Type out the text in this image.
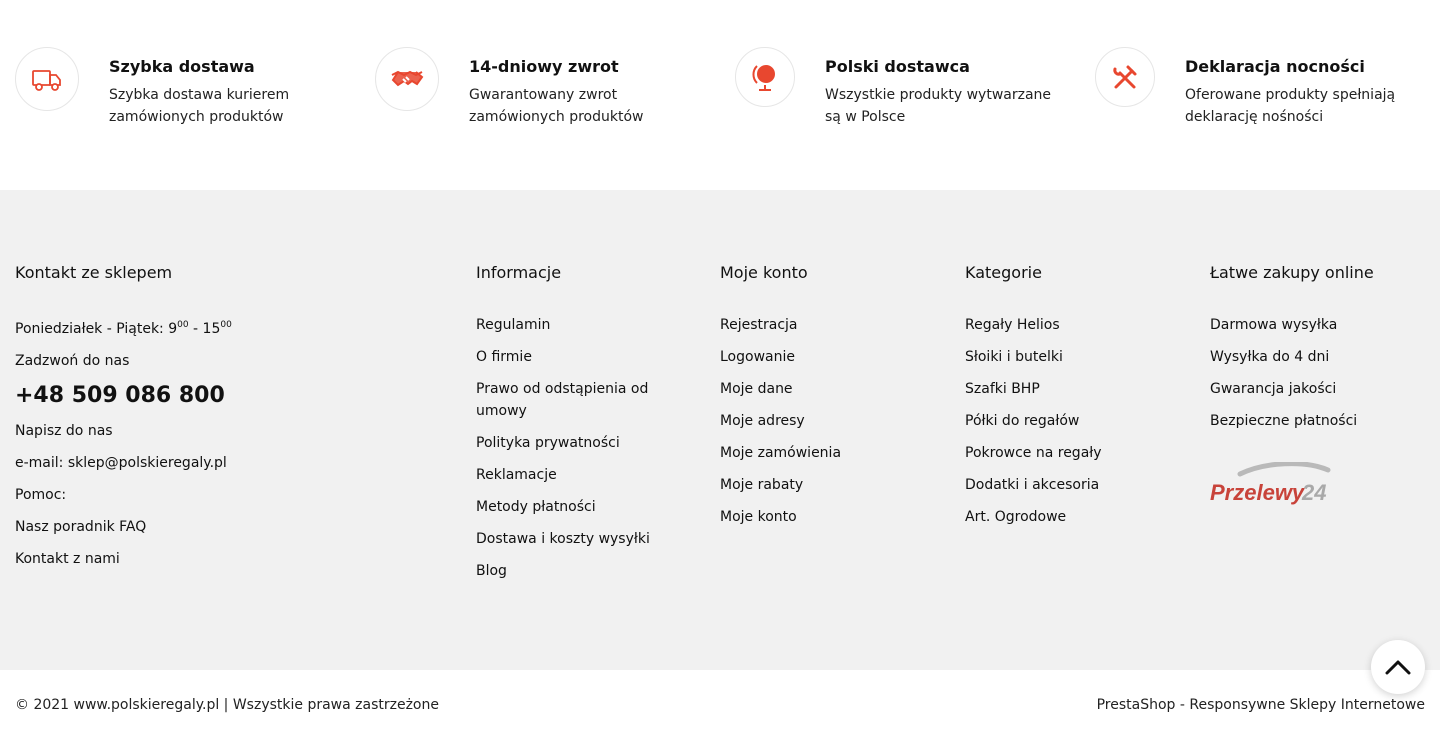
Szybka dostawa
Szybka dostawa kurierem zamówionych produktów
14-dniowy zwrot
Gwarantowany zwrot zamówionych produktów
Polski dostawca
Wszystkie produkty wytwarzane są w Polsce
Deklaracja nocności
Oferowane produkty spełniają deklarację nośności
Kontakt ze sklepem
Poniedziałek - Piątek: $9^{00} - 15^{00}$
Zadzwoń do nas
+48 509 086 800
Napisz do nas
e-mail: sklep@polskieregaly.pl
Pomoc:
Nasz poradnik FAQ
Kontakt z nami
Informacje
Regulamin
O firmie
Prawo od odstąpienia od umowy
Polityka prywatności
Reklamacje
Metody płatności
Dostawa i koszty wysyłki
Blog
Moje konto
Rejestracja
Logowanie
Moje dane
Moje adresy
Moje zamówienia
Moje rabaty
Moje konto
Kategorie
Regały Helios
Słoiki i butelki
Szafki BHP
Półki do regałów
Pokrowce na regały
Dodatki i akcesoria
Art. Ogrodowe
Łatwe zakupy online
Darmowa wysyłka
Wysyłka do 4 dni
Gwarancja jakości
Bezpieczne płatności
Przelewy
24
© 2021 www.polskieregaly.pl | Wszystkie prawa zastrzeżone	PrestaShop - Responsywne Sklepy Internetowe
